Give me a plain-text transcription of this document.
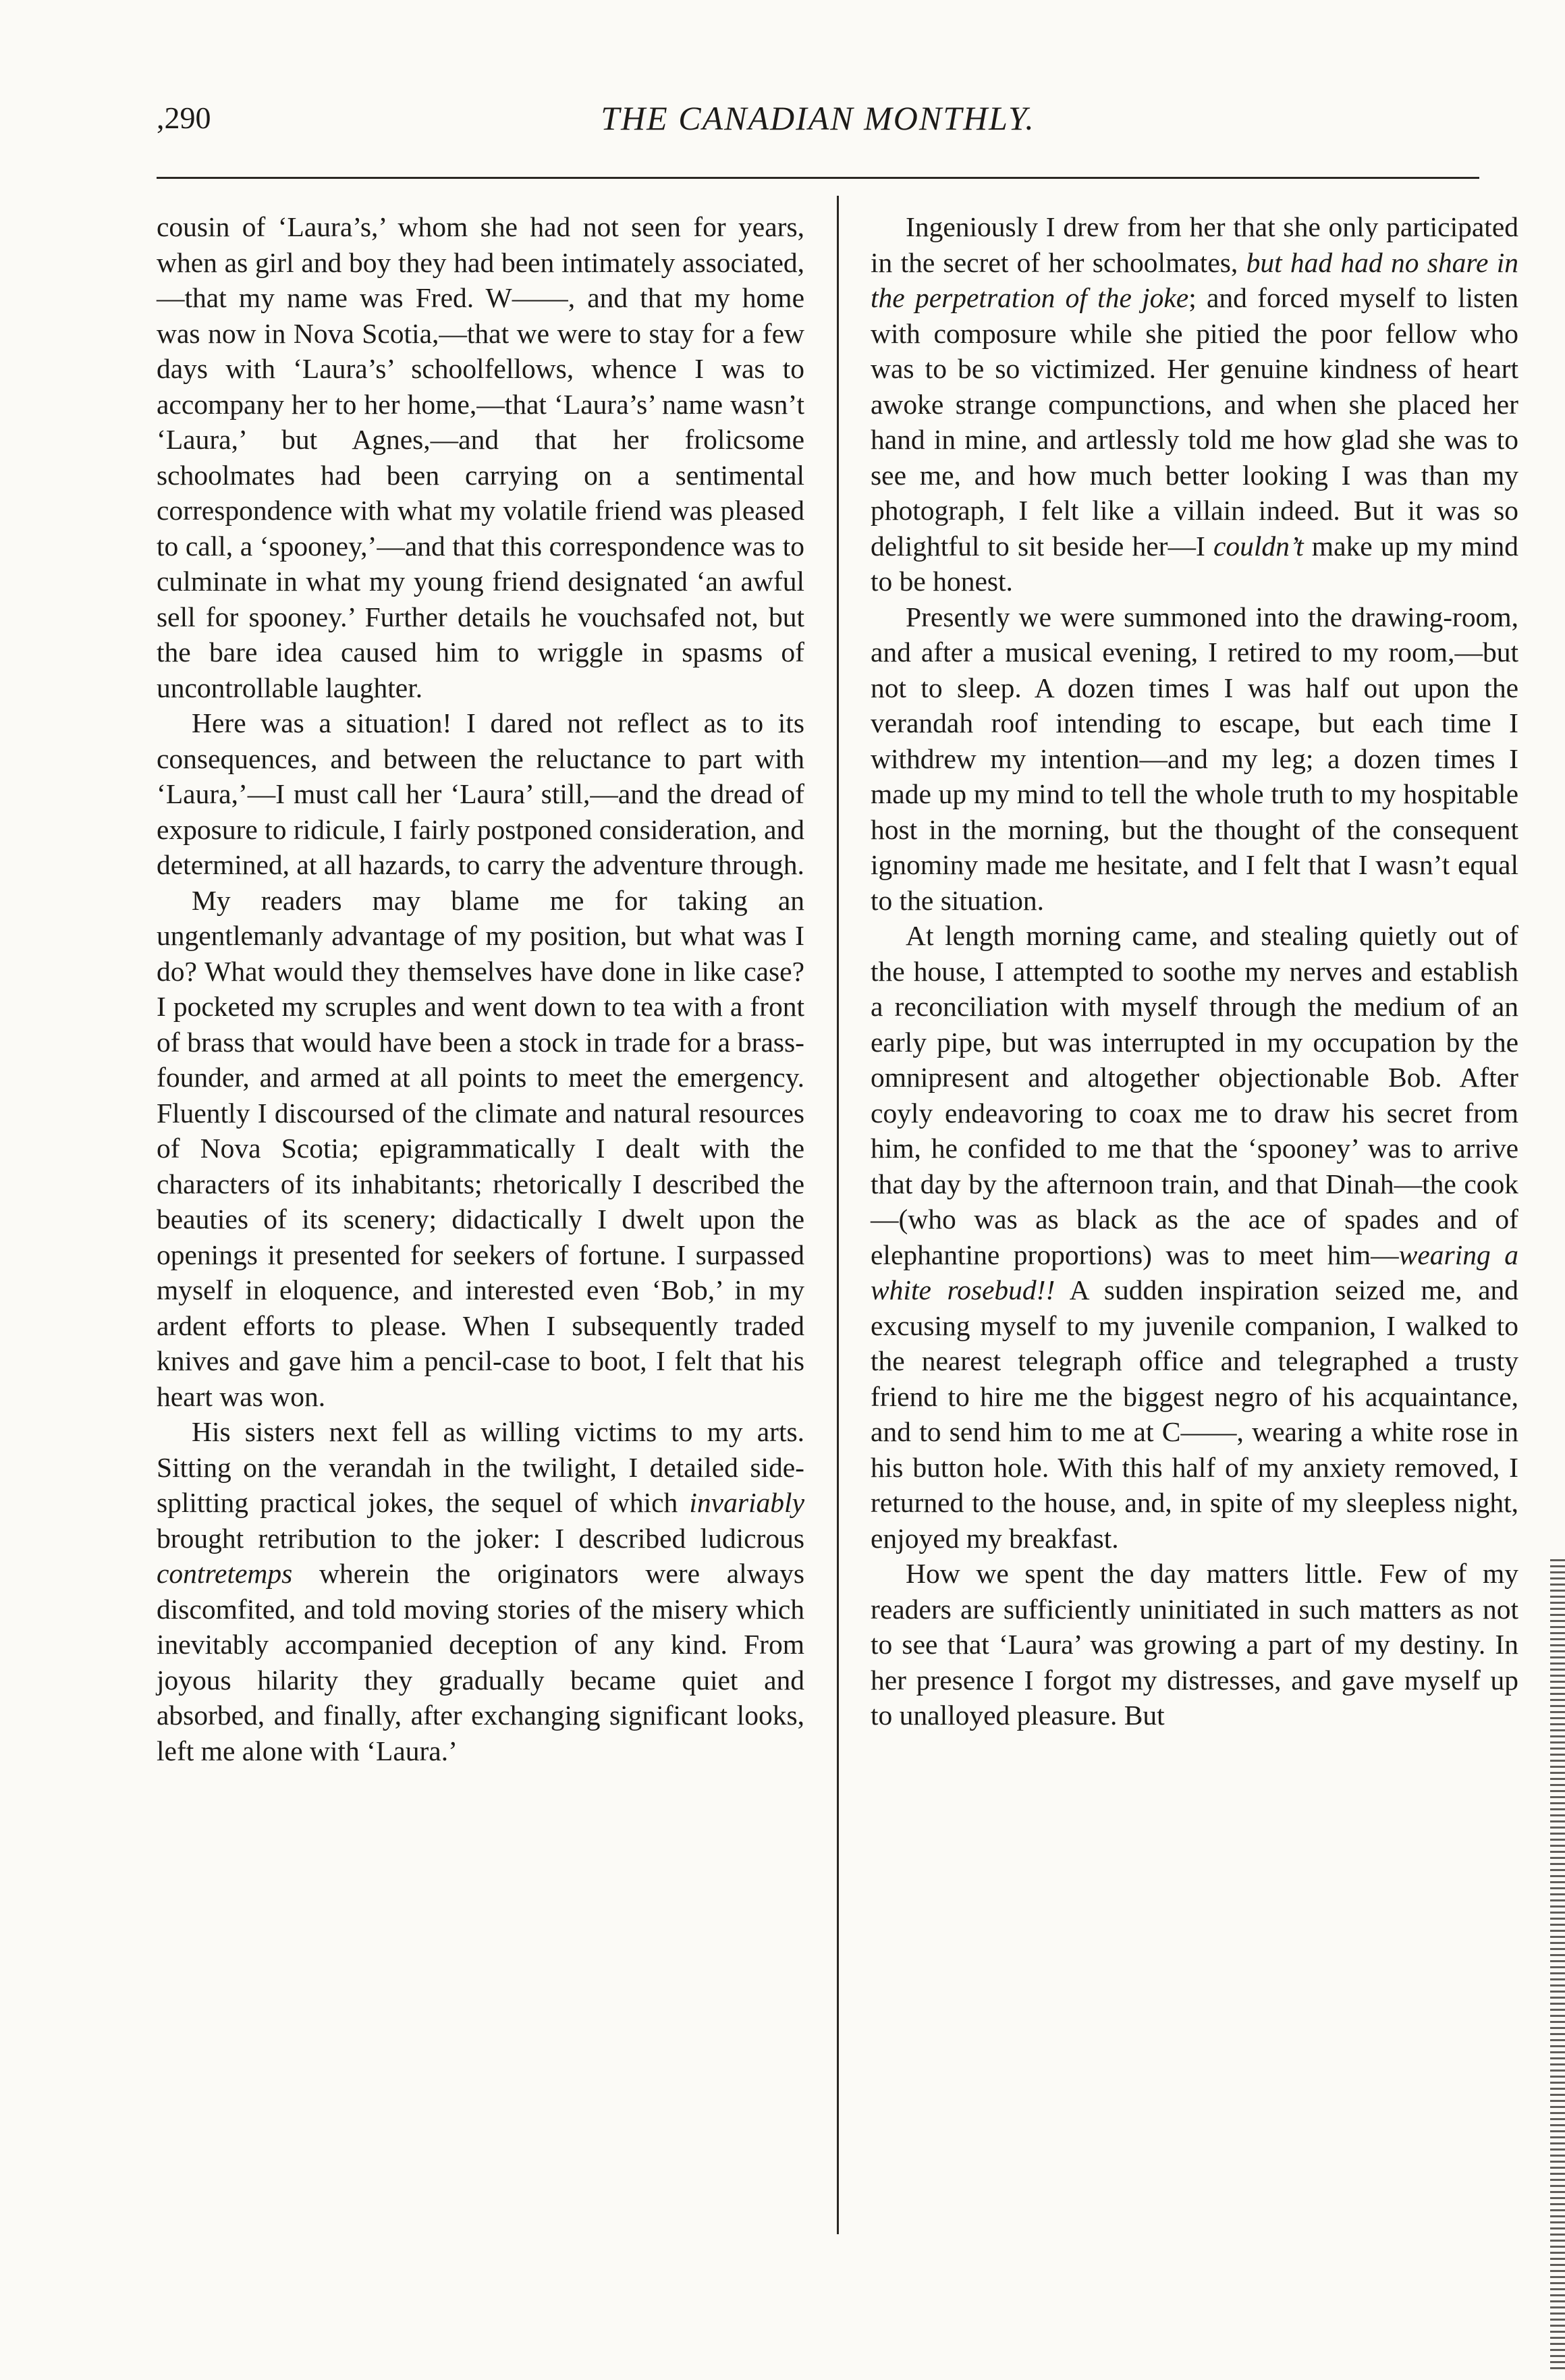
,290	THE CANADIAN MONTHLY.

cousin of ‘Laura’s,’ whom she had not seen for years, when as girl and boy they had been intimately associated,—that my name was Fred. W——, and that my home was now in Nova Scotia,—that we were to stay for a few days with ‘Laura’s’ schoolfellows, whence I was to accompany her to her home,—that ‘Laura’s’ name wasn’t ‘Laura,’ but Agnes,—and that her frolicsome schoolmates had been carrying on a sentimental correspondence with what my volatile friend was pleased to call, a ‘spooney,’—and that this correspondence was to culminate in what my young friend designated ‘an awful sell for spooney.’ Further details he vouchsafed not, but the bare idea caused him to wriggle in spasms of uncontrollable laughter.

Here was a situation! I dared not reflect as to its consequences, and between the reluctance to part with ‘Laura,’—I must call her ‘Laura’ still,—and the dread of exposure to ridicule, I fairly postponed consideration, and determined, at all hazards, to carry the adventure through.

My readers may blame me for taking an ungentlemanly advantage of my position, but what was I do? What would they themselves have done in like case? I pocketed my scruples and went down to tea with a front of brass that would have been a stock in trade for a brass-founder, and armed at all points to meet the emergency. Fluently I discoursed of the climate and natural resources of Nova Scotia; epigrammatically I dealt with the characters of its inhabitants; rhetorically I described the beauties of its scenery; didactically I dwelt upon the openings it presented for seekers of fortune. I surpassed myself in eloquence, and interested even ‘Bob,’ in my ardent efforts to please. When I subsequently traded knives and gave him a pencil-case to boot, I felt that his heart was won.

His sisters next fell as willing victims to my arts. Sitting on the verandah in the twilight, I detailed side-splitting practical jokes, the sequel of which invariably brought retribution to the joker: I described ludicrous contretemps wherein the originators were always discomfited, and told moving stories of the misery which inevitably accompanied deception of any kind. From joyous hilarity they gradually became quiet and absorbed, and finally, after exchanging significant looks, left me alone with ‘Laura.’

Ingeniously I drew from her that she only participated in the secret of her schoolmates, but had had no share in the perpetration of the joke; and forced myself to listen with composure while she pitied the poor fellow who was to be so victimized. Her genuine kindness of heart awoke strange compunctions, and when she placed her hand in mine, and artlessly told me how glad she was to see me, and how much better looking I was than my photograph, I felt like a villain indeed. But it was so delightful to sit beside her—I couldn’t make up my mind to be honest.

Presently we were summoned into the drawing-room, and after a musical evening, I retired to my room,—but not to sleep. A dozen times I was half out upon the verandah roof intending to escape, but each time I withdrew my intention—and my leg; a dozen times I made up my mind to tell the whole truth to my hospitable host in the morning, but the thought of the consequent ignominy made me hesitate, and I felt that I wasn’t equal to the situation.

At length morning came, and stealing quietly out of the house, I attempted to soothe my nerves and establish a reconciliation with myself through the medium of an early pipe, but was interrupted in my occupation by the omnipresent and altogether objectionable Bob. After coyly endeavoring to coax me to draw his secret from him, he confided to me that the ‘spooney’ was to arrive that day by the afternoon train, and that Dinah—the cook—(who was as black as the ace of spades and of elephantine proportions) was to meet him—wearing a white rosebud!! A sudden inspiration seized me, and excusing myself to my juvenile companion, I walked to the nearest telegraph office and telegraphed a trusty friend to hire me the biggest negro of his acquaintance, and to send him to me at C——, wearing a white rose in his button hole. With this half of my anxiety removed, I returned to the house, and, in spite of my sleepless night, enjoyed my breakfast.

How we spent the day matters little. Few of my readers are sufficiently uninitiated in such matters as not to see that ‘Laura’ was growing a part of my destiny. In her presence I forgot my distresses, and gave myself up to unalloyed pleasure. But
